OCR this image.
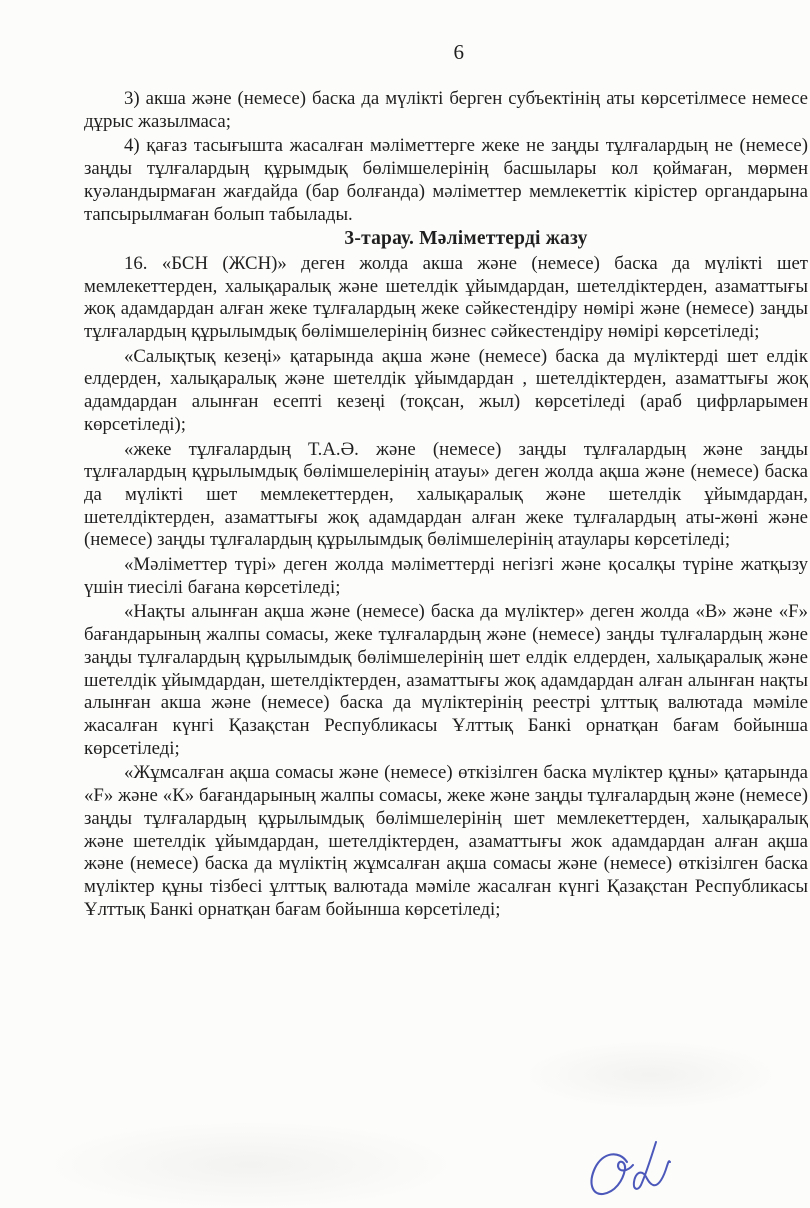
6

3) акша және (немесе) баска да мүлікті берген субъектінің аты көрсетілмесе немесе дұрыс жазылмаса;

4) қағаз тасығышта жасалған мәліметтерге жеке не заңды тұлғалардың не (немесе) заңды тұлғалардың құрымдық бөлімшелерінің басшылары кол қоймаған, мөрмен куәландырмаған жағдайда (бар болғанда) мәліметтер мемлекеттік кірістер органдарына тапсырылмаған болып табылады.

3-тарау. Мәліметтерді жазу

16. «БСН (ЖСН)» деген жолда акша және (немесе) баска да мүлікті шет мемлекеттерден, халықаралық және шетелдік ұйымдардан, шетелдіктерден, азаматтығы жоқ адамдардан алған жеке тұлғалардың жеке сәйкестендіру нөмірі және (немесе) заңды тұлғалардың құрылымдық бөлімшелерінің бизнес сәйкестендіру нөмірі көрсетіледі;

«Салықтық кезеңі» қатарында ақша және (немесе) баска да мүліктерді шет елдік елдерден, халықаралық және шетелдік ұйымдардан , шетелдіктерден, азаматтығы жоқ адамдардан алынған есепті кезеңі (тоқсан, жыл) көрсетіледі (араб цифрларымен көрсетіледі);

«жеке тұлғалардың Т.А.Ә. және (немесе) заңды тұлғалардың және заңды тұлғалардың құрылымдық бөлімшелерінің атауы» деген жолда ақша және (немесе) баска да мүлікті шет мемлекеттерден, халықаралық және шетелдік ұйымдардан, шетелдіктерден, азаматтығы жоқ адамдардан алған жеке тұлғалардың аты-жөні және (немесе) заңды тұлғалардың құрылымдық бөлімшелерінің атаулары көрсетіледі;

«Мәліметтер түрі» деген жолда мәліметтерді негізгі және қосалқы түріне жатқызу үшін тиесілі бағана көрсетіледі;

«Нақты алынған ақша және (немесе) баска да мүліктер» деген жолда «В» және «F» бағандарының жалпы сомасы, жеке тұлғалардың және (немесе) заңды тұлғалардың және заңды тұлғалардың құрылымдық бөлімшелерінің шет елдік елдерден, халықаралық және шетелдік ұйымдардан, шетелдіктерден, азаматтығы жоқ адамдардан алған алынған нақты алынған акша және (немесе) баска да мүліктерінің реестрі ұлттық валютада мәміле жасалған күнгі Қазақстан Республикасы Ұлттық Банкі орнатқан бағам бойынша көрсетіледі;

«Жұмсалған ақша сомасы және (немесе) өткізілген баска мүліктер құны» қатарында «F» және «К» бағандарының жалпы сомасы, жеке және заңды тұлғалардың және (немесе) заңды тұлғалардың құрылымдық бөлімшелерінің шет мемлекеттерден, халықаралық және шетелдік ұйымдардан, шетелдіктерден, азаматтығы жок адамдардан алған ақша және (немесе) баска да мүліктің жұмсалған ақша сомасы және (немесе) өткізілген баска мүліктер құны тізбесі ұлттық валютада мәміле жасалған күнгі Қазақстан Республикасы Ұлттық Банкі орнатқан бағам бойынша көрсетіледі;
